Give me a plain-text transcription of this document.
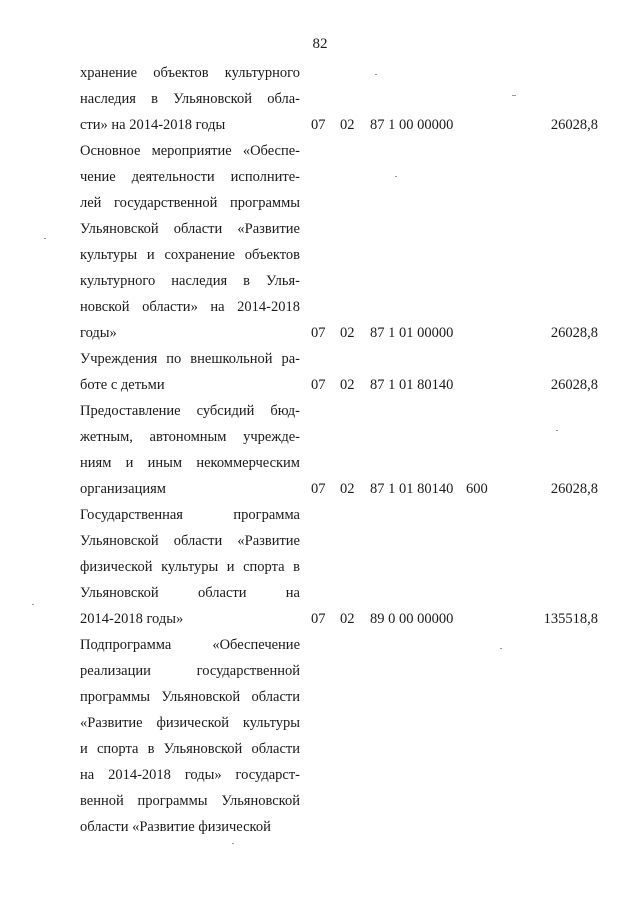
82
хранение объектов культурного
наследия в Ульяновской обла-
сти» на 2014-2018 годы	07 02 87 1 00 00000	26028,8
Основное мероприятие «Обеспе-
чение деятельности исполните-
лей государственной программы
Ульяновской области «Развитие
культуры и сохранение объектов
культурного наследия в Улья-
новской области» на 2014-2018
годы»	07 02 87 1 01 00000	26028,8
Учреждения по внешкольной ра-
боте с детьми	07 02 87 1 01 80140	26028,8
Предоставление субсидий бюд-
жетным, автономным учрежде-
ниям и иным некоммерческим
организациям	07 02 87 1 01 80140 600	26028,8
Государственная программа
Ульяновской области «Развитие
физической культуры и спорта в
Ульяновской области на
2014-2018 годы»	07 02 89 0 00 00000	135518,8
Подпрограмма «Обеспечение
реализации государственной
программы Ульяновской области
«Развитие физической культуры
и спорта в Ульяновской области
на 2014-2018 годы» государст-
венной программы Ульяновской
области «Развитие физической
